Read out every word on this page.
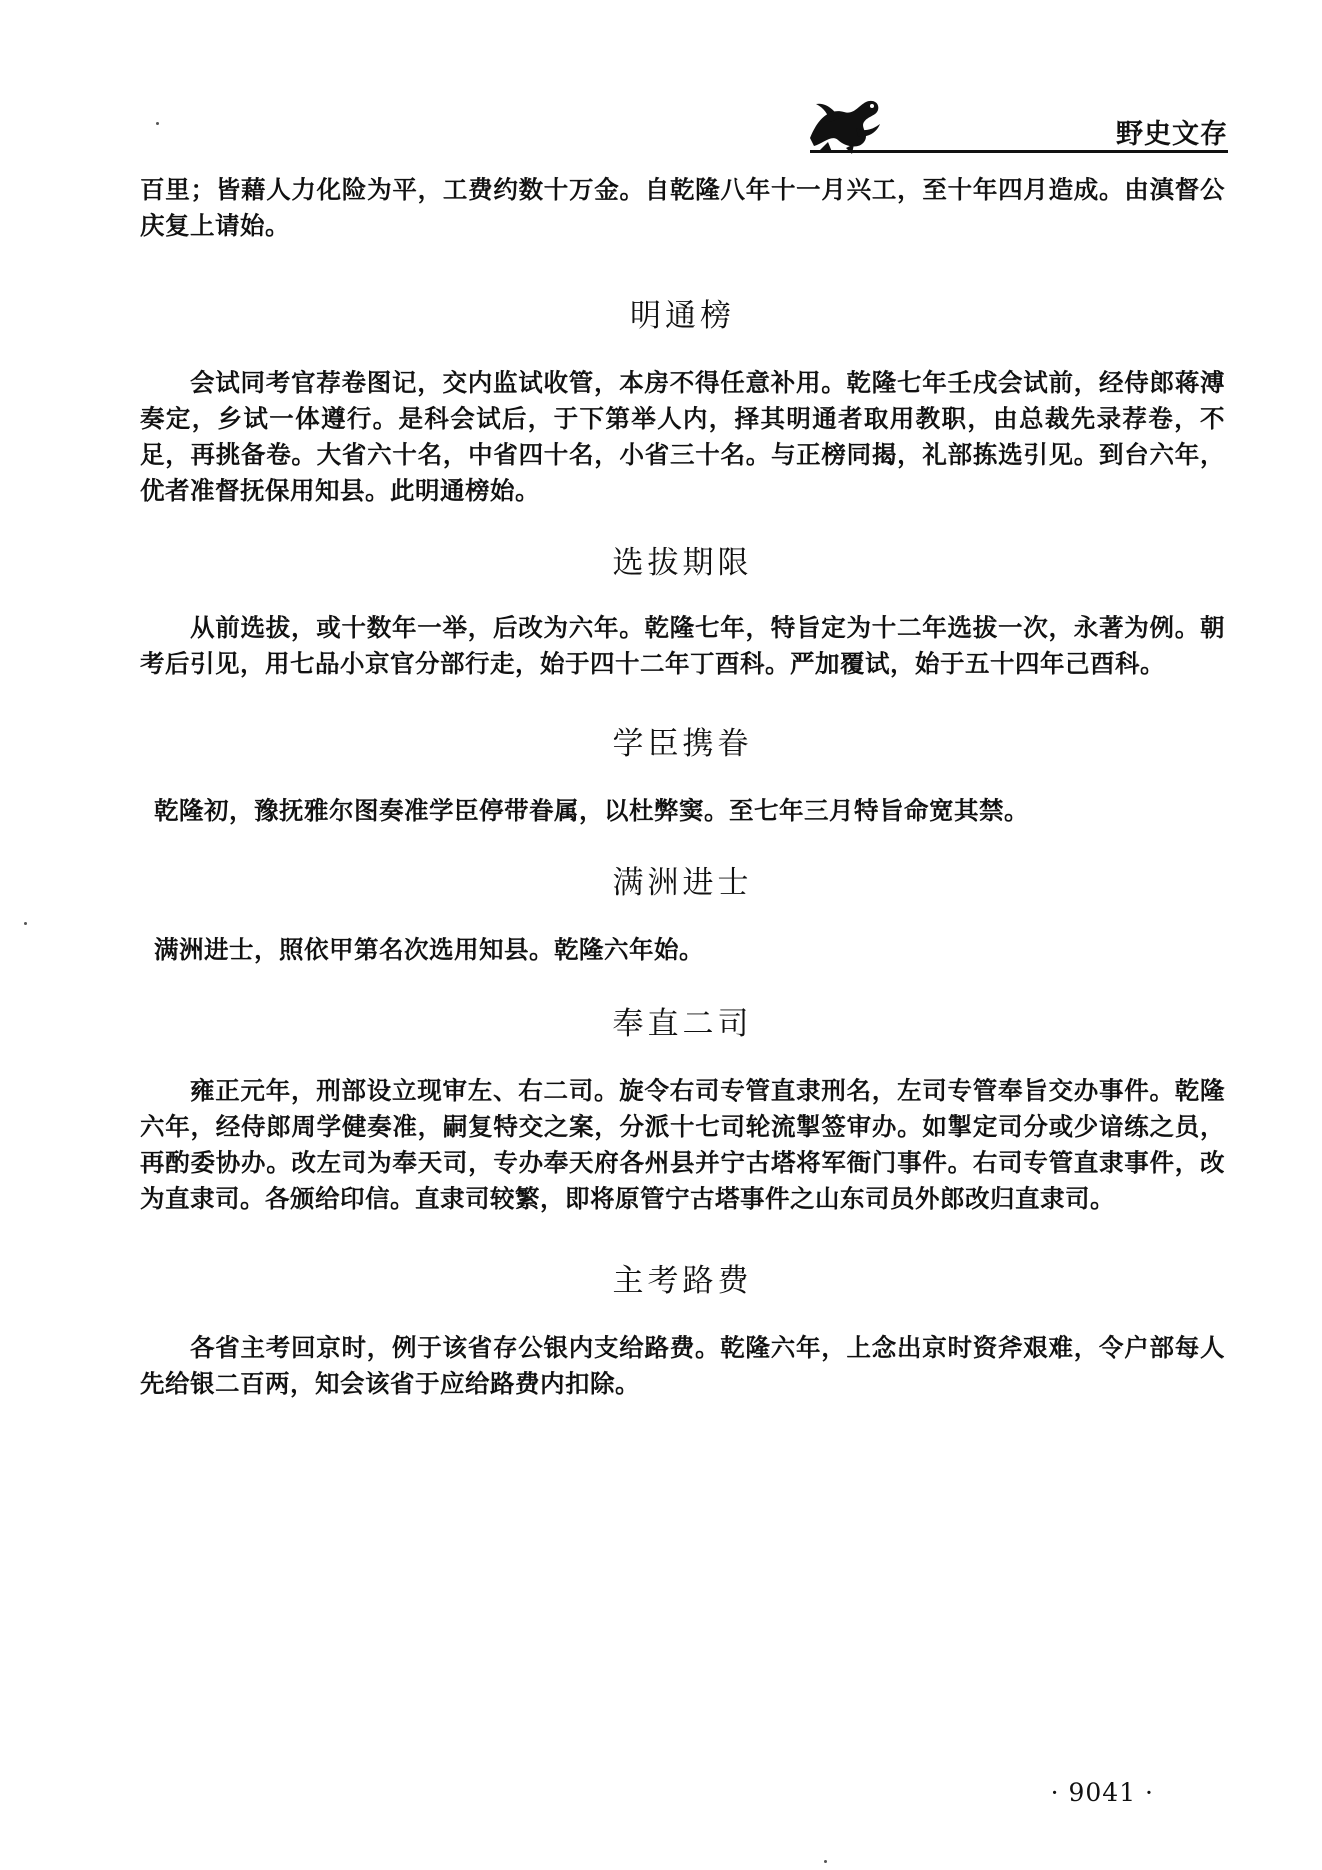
野史文存

百里；皆藉人力化险为平，工费约数十万金。自乾隆八年十一月兴工，至十年四月造成。由滇督公庆复上请始。

明通榜

会试同考官荐卷图记，交内监试收管，本房不得任意补用。乾隆七年壬戌会试前，经侍郎蒋溥奏定，乡试一体遵行。是科会试后，于下第举人内，择其明通者取用教职，由总裁先录荐卷，不足，再挑备卷。大省六十名，中省四十名，小省三十名。与正榜同揭，礼部拣选引见。到台六年，优者准督抚保用知县。此明通榜始。

选拔期限

从前选拔，或十数年一举，后改为六年。乾隆七年，特旨定为十二年选拔一次，永著为例。朝考后引见，用七品小京官分部行走，始于四十二年丁酉科。严加覆试，始于五十四年己酉科。

学臣携眷

乾隆初，豫抚雅尔图奏准学臣停带眷属，以杜弊窦。至七年三月特旨命宽其禁。

满洲进士

满洲进士，照依甲第名次选用知县。乾隆六年始。

奉直二司

雍正元年，刑部设立现审左、右二司。旋令右司专管直隶刑名，左司专管奉旨交办事件。乾隆六年，经侍郎周学健奏准，嗣复特交之案，分派十七司轮流掣签审办。如掣定司分或少谙练之员，再酌委协办。改左司为奉天司，专办奉天府各州县并宁古塔将军衙门事件。右司专管直隶事件，改为直隶司。各颁给印信。直隶司较繁，即将原管宁古塔事件之山东司员外郎改归直隶司。

主考路费

各省主考回京时，例于该省存公银内支给路费。乾隆六年，上念出京时资斧艰难，令户部每人先给银二百两，知会该省于应给路费内扣除。

· 9041 ·
